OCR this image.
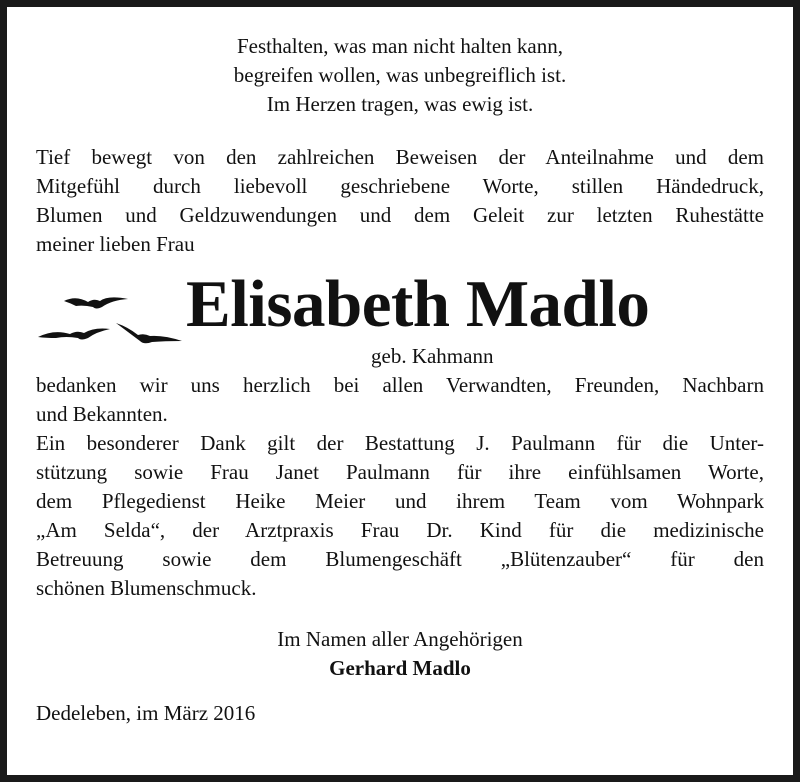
Festhalten, was man nicht halten kann,
begreifen wollen, was unbegreiflich ist.
Im Herzen tragen, was ewig ist.
Tief bewegt von den zahlreichen Beweisen der Anteilnahme und dem
Mitgefühl durch liebevoll geschriebene Worte, stillen Händedruck,
Blumen und Geldzuwendungen und dem Geleit zur letzten Ruhestätte
meiner lieben Frau
Elisabeth Madlo
geb. Kahmann
bedanken wir uns herzlich bei allen Verwandten, Freunden, Nachbarn
und Bekannten.
Ein besonderer Dank gilt der Bestattung J. Paulmann für die Unter-
stützung sowie Frau Janet Paulmann für ihre einfühlsamen Worte,
dem Pflegedienst Heike Meier und ihrem Team vom Wohnpark
„Am Selda“, der Arztpraxis Frau Dr. Kind für die medizinische
Betreuung sowie dem Blumengeschäft „Blütenzauber“ für den
schönen Blumenschmuck.
Im Namen aller Angehörigen
Gerhard Madlo
Dedeleben, im März 2016
